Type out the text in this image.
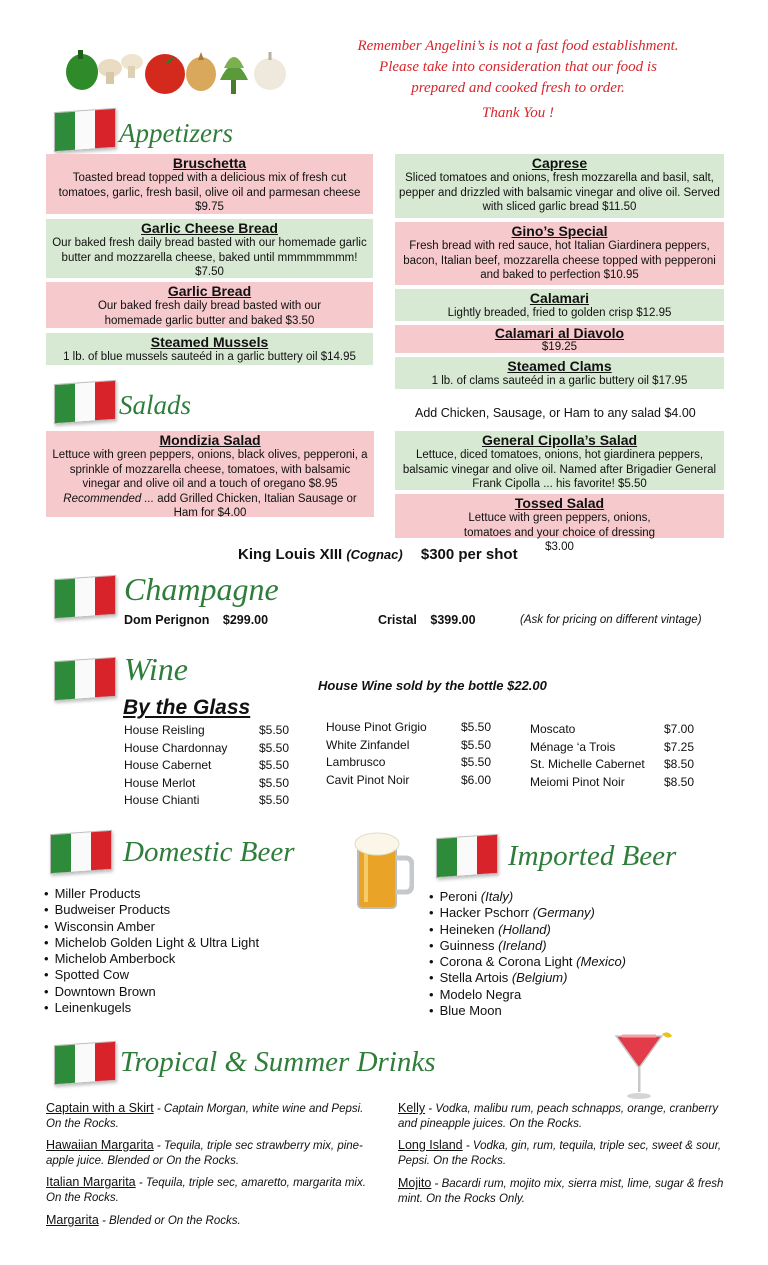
Remember Angelini’s is not a fast food establishment.
Please take into consideration that our food is
prepared and cooked fresh to order.
Thank You !
Appetizers
Bruschetta
Toasted bread topped with a delicious mix of fresh cut tomatoes, garlic, fresh basil, olive oil and parmesan cheese $9.75
Garlic Cheese Bread
Our baked fresh daily bread basted with our homemade garlic butter and mozzarella cheese, baked until mmmmmmmm! $7.50
Garlic Bread
Our baked fresh daily bread basted with our homemade garlic butter and baked $3.50
Steamed Mussels
1 lb. of blue mussels sauteéd in a garlic buttery oil $14.95
Caprese
Sliced tomatoes and onions, fresh mozzarella and basil, salt, pepper and drizzled with balsamic vinegar and olive oil. Served with sliced garlic bread $11.50
Gino’s Special
Fresh bread with red sauce, hot Italian Giardinera peppers, bacon, Italian beef, mozzarella cheese topped with pepperoni and baked to perfection $10.95
Calamari
Lightly breaded, fried to golden crisp $12.95
Calamari al Diavolo
$19.25
Steamed Clams
1 lb. of clams sauteéd in a garlic buttery oil $17.95
Salads	Add Chicken, Sausage, or Ham to any salad $4.00
Mondizia Salad
Lettuce with green peppers, onions, black olives, pepperoni, a sprinkle of mozzarella cheese, tomatoes, with balsamic vinegar and olive oil and a touch of oregano $8.95 Recommended ... add Grilled Chicken, Italian Sausage or Ham for $4.00
General Cipolla’s Salad
Lettuce, diced tomatoes, onions, hot giardinera peppers, balsamic vinegar and olive oil. Named after Brigadier General Frank Cipolla ... his favorite! $5.50
Tossed Salad
Lettuce with green peppers, onions, tomatoes and your choice of dressing $3.00
King Louis XIII (Cognac) $300 per shot
Champagne
Dom Perignon $299.00	Cristal $399.00	(Ask for pricing on different vintage)
Wine	House Wine sold by the bottle $22.00
By the Glass
House Reisling	$5.50
House Chardonnay	$5.50
House Cabernet	$5.50
House Merlot	$5.50
House Chianti	$5.50
House Pinot Grigio	$5.50
White Zinfandel	$5.50
Lambrusco	$5.50
Cavit Pinot Noir	$6.00
Moscato	$7.00
Ménage ‘a Trois	$7.25
St. Michelle Cabernet $8.50
Meiomi Pinot Noir	$8.50
Domestic Beer
• Miller Products
• Budweiser Products
• Wisconsin Amber
• Michelob Golden Light & Ultra Light
• Michelob Amberbock
• Spotted Cow
• Downtown Brown
• Leinenkugels
Imported Beer
• Peroni (Italy)
• Hacker Pschorr (Germany)
• Heineken (Holland)
• Guinness (Ireland)
• Corona & Corona Light (Mexico)
• Stella Artois (Belgium)
• Modelo Negra
• Blue Moon
Tropical & Summer Drinks
Captain with a Skirt - Captain Morgan, white wine and Pepsi. On the Rocks.
Hawaiian Margarita - Tequila, triple sec strawberry mix, pine-apple juice. Blended or On the Rocks.
Italian Margarita - Tequila, triple sec, amaretto, margarita mix. On the Rocks.
Margarita - Blended or On the Rocks.
Kelly - Vodka, malibu rum, peach schnapps, orange, cranberry and pineapple juices. On the Rocks.
Long Island - Vodka, gin, rum, tequila, triple sec, sweet & sour, Pepsi. On the Rocks.
Mojito - Bacardi rum, mojito mix, sierra mist, lime, sugar & fresh mint. On the Rocks Only.
